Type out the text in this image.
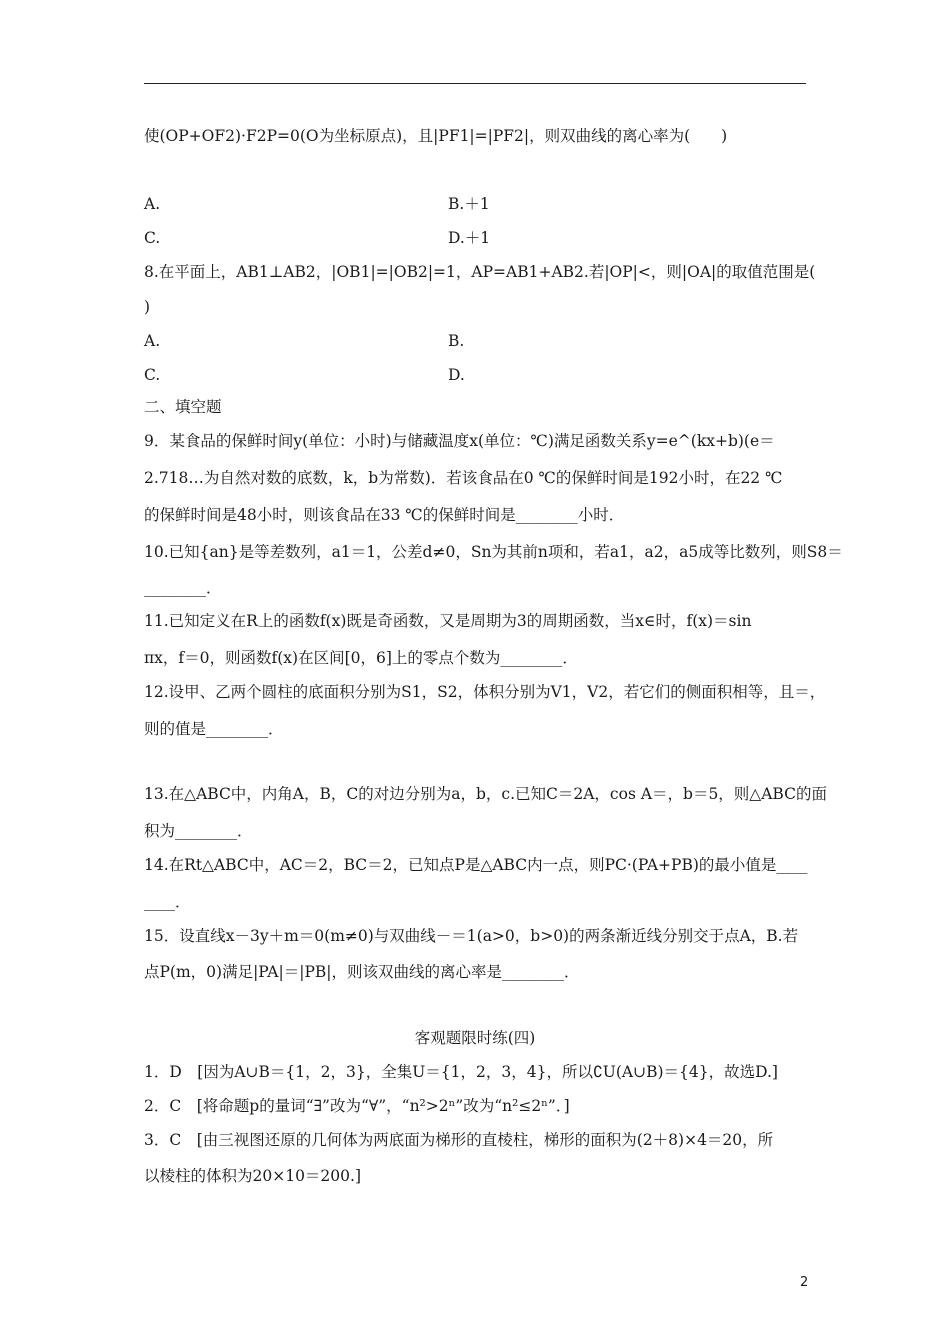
使(OP+OF2)·F2P=0(O为坐标原点)，且|PF1|=|PF2|，则双曲线的离心率为(　　)
A.	B.＋1
C.	D.＋1
8.在平面上，AB1⊥AB2，|OB1|=|OB2|=1，AP=AB1+AB2.若|OP|<，则|OA|的取值范围是(
)
A.	B.
C.	D.
二、填空题
9．某食品的保鲜时间y(单位：小时)与储藏温度x(单位：℃)满足函数关系y=e^(kx+b)(e＝
2.718…为自然对数的底数，k，b为常数)．若该食品在0 ℃的保鲜时间是192小时，在22 ℃
的保鲜时间是48小时，则该食品在33 ℃的保鲜时间是________小时．
10.已知{an}是等差数列，a1＝1，公差d≠0，Sn为其前n项和，若a1，a2，a5成等比数列，则S8＝
________．
11.已知定义在R上的函数f(x)既是奇函数，又是周期为3的周期函数，当x∈时，f(x)＝sin
πx，f＝0，则函数f(x)在区间[0，6]上的零点个数为________．
12.设甲、乙两个圆柱的底面积分别为S1，S2，体积分别为V1，V2，若它们的侧面积相等，且＝，
则的值是________．
13.在△ABC中，内角A，B，C的对边分别为a，b，c.已知C＝2A，cos A＝，b＝5，则△ABC的面
积为________．
14.在Rt△ABC中，AC＝2，BC＝2，已知点P是△ABC内一点，则PC·(PA+PB)的最小值是____
____．
15．设直线x－3y＋m＝0(m≠0)与双曲线－＝1(a>0，b>0)的两条渐近线分别交于点A，B.若
点P(m，0)满足|PA|＝|PB|，则该双曲线的离心率是________．
客观题限时练(四)
1．D　[因为A∪B＝{1，2，3}，全集U＝{1，2，3，4}，所以∁U(A∪B)＝{4}，故选D.]
2．C　[将命题p的量词“∃”改为“∀”，“n²>2ⁿ”改为“n²≤2ⁿ”．]
3．C　[由三视图还原的几何体为两底面为梯形的直棱柱，梯形的面积为(2＋8)×4＝20，所
以棱柱的体积为20×10＝200.]
2
